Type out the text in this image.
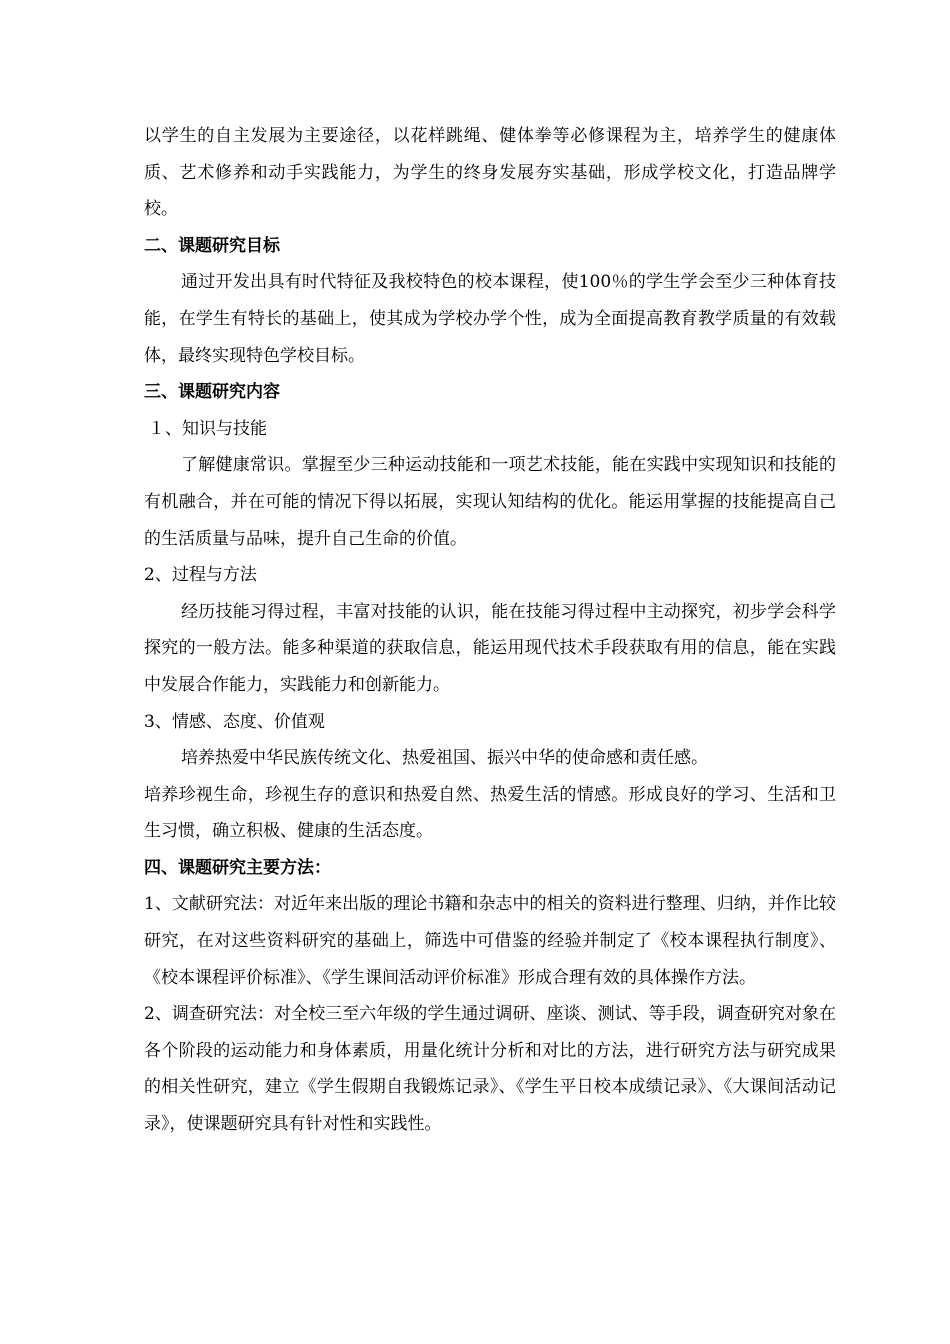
以学生的自主发展为主要途径，以花样跳绳、健体拳等必修课程为主，培养学生的健康体质、艺术修养和动手实践能力，为学生的终身发展夯实基础，形成学校文化，打造品牌学校。

二、课题研究目标

通过开发出具有时代特征及我校特色的校本课程，使100％的学生学会至少三种体育技能，在学生有特长的基础上，使其成为学校办学个性，成为全面提高教育教学质量的有效载体，最终实现特色学校目标。

三、课题研究内容

１、知识与技能

了解健康常识。掌握至少三种运动技能和一项艺术技能，能在实践中实现知识和技能的有机融合，并在可能的情况下得以拓展，实现认知结构的优化。能运用掌握的技能提高自己的生活质量与品味，提升自己生命的价值。

2、过程与方法

经历技能习得过程，丰富对技能的认识，能在技能习得过程中主动探究，初步学会科学探究的一般方法。能多种渠道的获取信息，能运用现代技术手段获取有用的信息，能在实践中发展合作能力，实践能力和创新能力。

3、情感、态度、价值观

培养热爱中华民族传统文化、热爱祖国、振兴中华的使命感和责任感。

培养珍视生命，珍视生存的意识和热爱自然、热爱生活的情感。形成良好的学习、生活和卫生习惯，确立积极、健康的生活态度。

四、课题研究主要方法：

1、文献研究法：对近年来出版的理论书籍和杂志中的相关的资料进行整理、归纳，并作比较研究，在对这些资料研究的基础上，筛选中可借鉴的经验并制定了《校本课程执行制度》、《校本课程评价标准》、《学生课间活动评价标准》形成合理有效的具体操作方法。

2、调查研究法：对全校三至六年级的学生通过调研、座谈、测试、等手段，调查研究对象在各个阶段的运动能力和身体素质，用量化统计分析和对比的方法，进行研究方法与研究成果的相关性研究，建立《学生假期自我锻炼记录》、《学生平日校本成绩记录》、《大课间活动记录》，使课题研究具有针对性和实践性。
